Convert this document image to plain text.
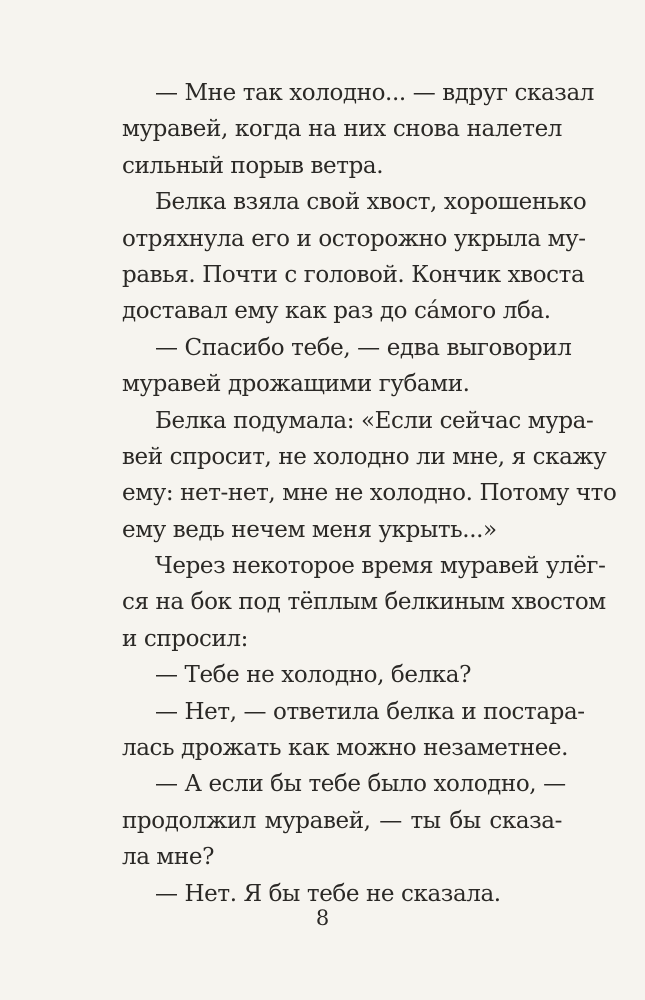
— Мне так холодно... — вдруг сказал
муравей, когда на них снова налетел
сильный порыв ветра.
Белка взяла свой хвост, хорошенько
отряхнула его и осторожно укрыла му-
равья. Почти с головой. Кончик хвоста
доставал ему как раз до са́мого лба.
— Спасибо тебе, — едва выговорил
муравей дрожащими губами.
Белка подумала: «Если сейчас мура-
вей спросит, не холодно ли мне, я скажу
ему: нет-нет, мне не холодно. Потому что
ему ведь нечем меня укрыть...»
Через некоторое время муравей улёг-
ся на бок под тёплым белкиным хвостом
и спросил:
— Тебе не холодно, белка?
— Нет, — ответила белка и постара-
лась дрожать как можно незаметнее.
— А если бы тебе было холодно, —
продолжил муравей, — ты бы сказа-
ла мне?
— Нет. Я бы тебе не сказала.
8
